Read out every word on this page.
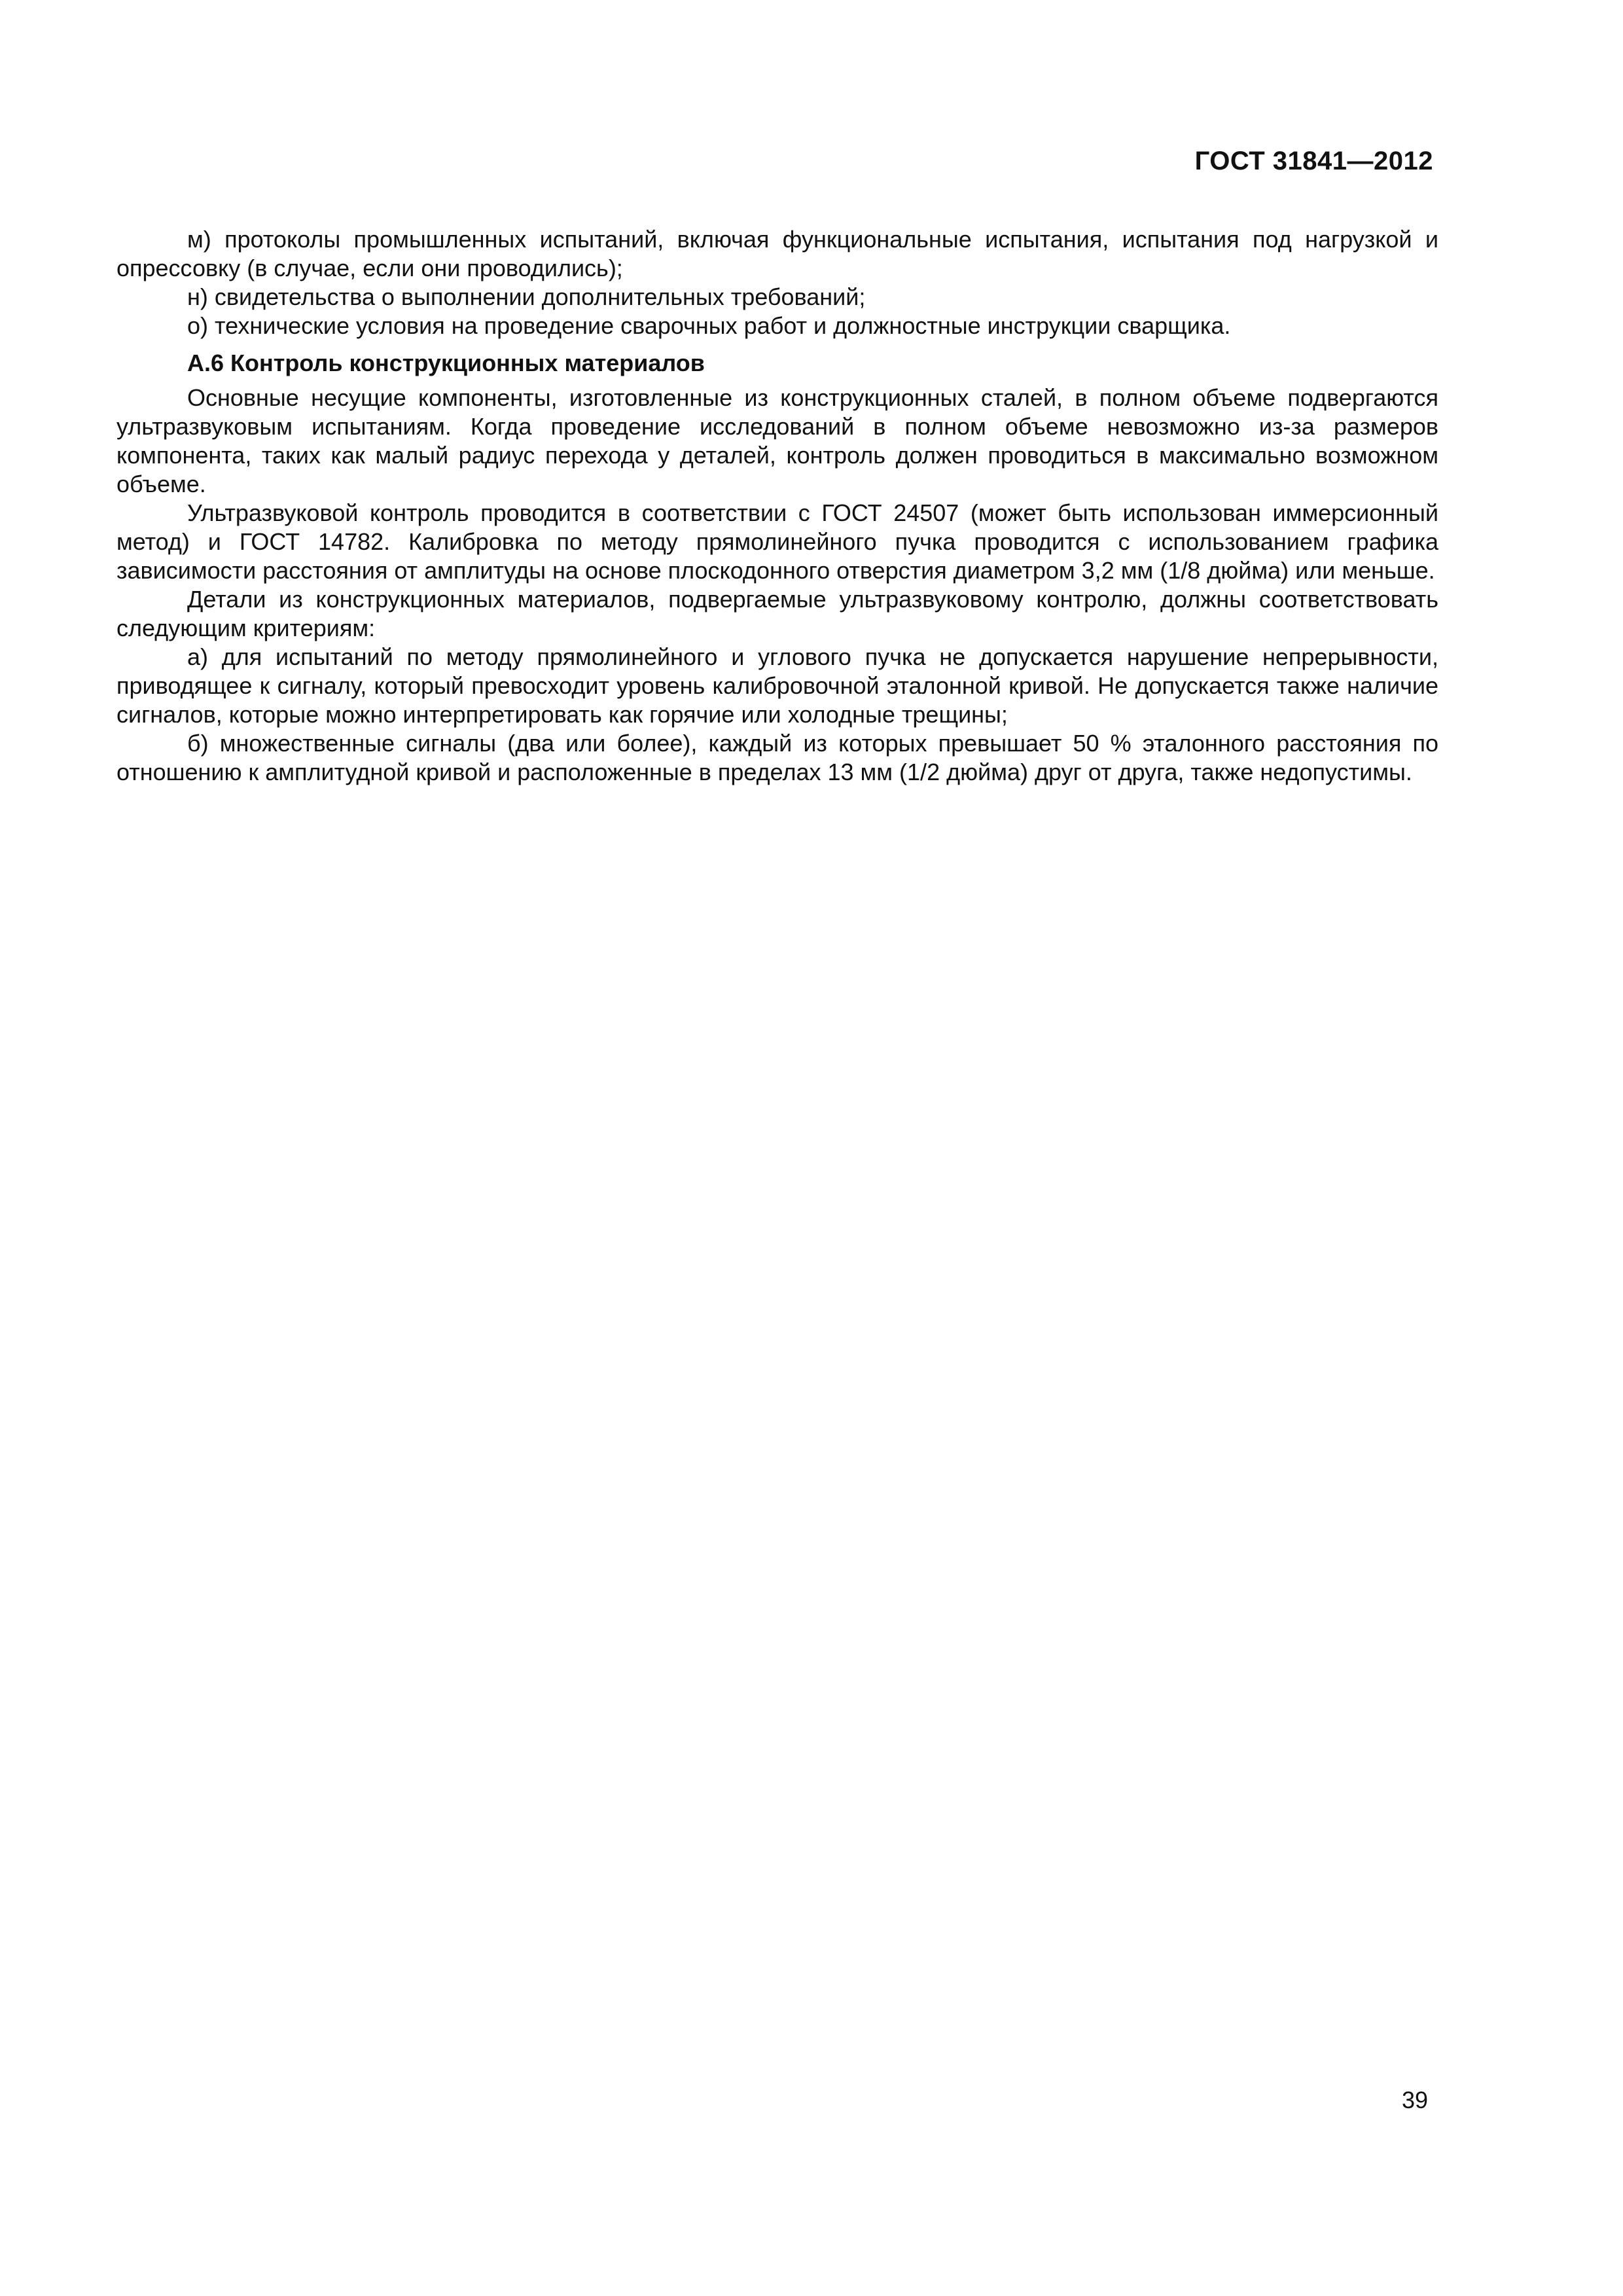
ГОСТ 31841—2012

м) протоколы промышленных испытаний, включая функциональные испытания, испытания под нагрузкой и опрессовку (в случае, если они проводились);

н) свидетельства о выполнении дополнительных требований;

о) технические условия на проведение сварочных работ и должностные инструкции сварщика.

А.6 Контроль конструкционных материалов

Основные несущие компоненты, изготовленные из конструкционных сталей, в полном объеме подвергаются ультразвуковым испытаниям. Когда проведение исследований в полном объеме невозможно из-за размеров компонента, таких как малый радиус перехода у деталей, контроль должен проводиться в максимально возможном объеме.

Ультразвуковой контроль проводится в соответствии с ГОСТ 24507 (может быть использован иммерсионный метод) и ГОСТ 14782. Калибровка по методу прямолинейного пучка проводится с использованием графика зависимости расстояния от амплитуды на основе плоскодонного отверстия диаметром 3,2 мм (1/8 дюйма) или меньше.

Детали из конструкционных материалов, подвергаемые ультразвуковому контролю, должны соответствовать следующим критериям:

а) для испытаний по методу прямолинейного и углового пучка не допускается нарушение непрерывности, приводящее к сигналу, который превосходит уровень калибровочной эталонной кривой. Не допускается также наличие сигналов, которые можно интерпретировать как горячие или холодные трещины;

б) множественные сигналы (два или более), каждый из которых превышает 50 % эталонного расстояния по отношению к амплитудной кривой и расположенные в пределах 13 мм (1/2 дюйма) друг от друга, также недопустимы.

39
